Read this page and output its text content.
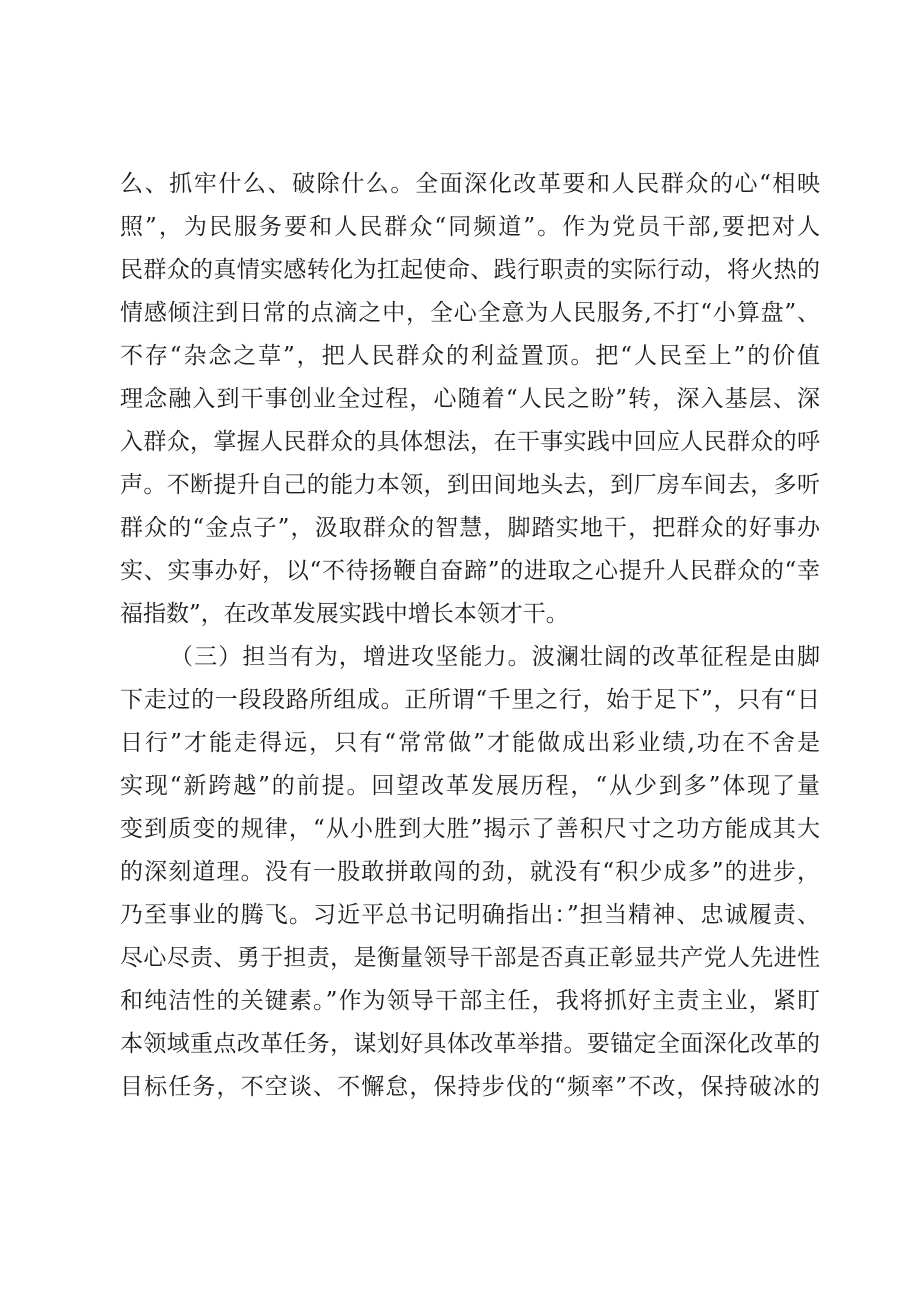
么、抓牢什么、破除什么。全面深化改革要和人民群众的心“相映
照”，为民服务要和人民群众“同频道”。作为党员干部,要把对人
民群众的真情实感转化为扛起使命、践行职责的实际行动，将火热的
情感倾注到日常的点滴之中，全心全意为人民服务,不打“小算盘”、
不存“杂念之草”，把人民群众的利益置顶。把“人民至上”的价值
理念融入到干事创业全过程，心随着“人民之盼”转，深入基层、深
入群众，掌握人民群众的具体想法，在干事实践中回应人民群众的呼
声。不断提升自己的能力本领，到田间地头去，到厂房车间去，多听
群众的“金点子”，汲取群众的智慧，脚踏实地干，把群众的好事办
实、实事办好，以“不待扬鞭自奋蹄”的进取之心提升人民群众的“幸
福指数”，在改革发展实践中增长本领才干。
（三）担当有为，增进攻坚能力。波澜壮阔的改革征程是由脚
下走过的一段段路所组成。正所谓“千里之行，始于足下”，只有“日
日行”才能走得远，只有“常常做”才能做成出彩业绩,功在不舍是
实现“新跨越”的前提。回望改革发展历程，“从少到多”体现了量
变到质变的规律，“从小胜到大胜”揭示了善积尺寸之功方能成其大
的深刻道理。没有一股敢拼敢闯的劲，就没有“积少成多”的进步，
乃至事业的腾飞。习近平总书记明确指出：”担当精神、忠诚履责、
尽心尽责、勇于担责，是衡量领导干部是否真正彰显共产党人先进性
和纯洁性的关键素。”作为领导干部主任，我将抓好主责主业，紧盯
本领域重点改革任务，谋划好具体改革举措。要锚定全面深化改革的
目标任务，不空谈、不懈怠，保持步伐的“频率”不改，保持破冰的
